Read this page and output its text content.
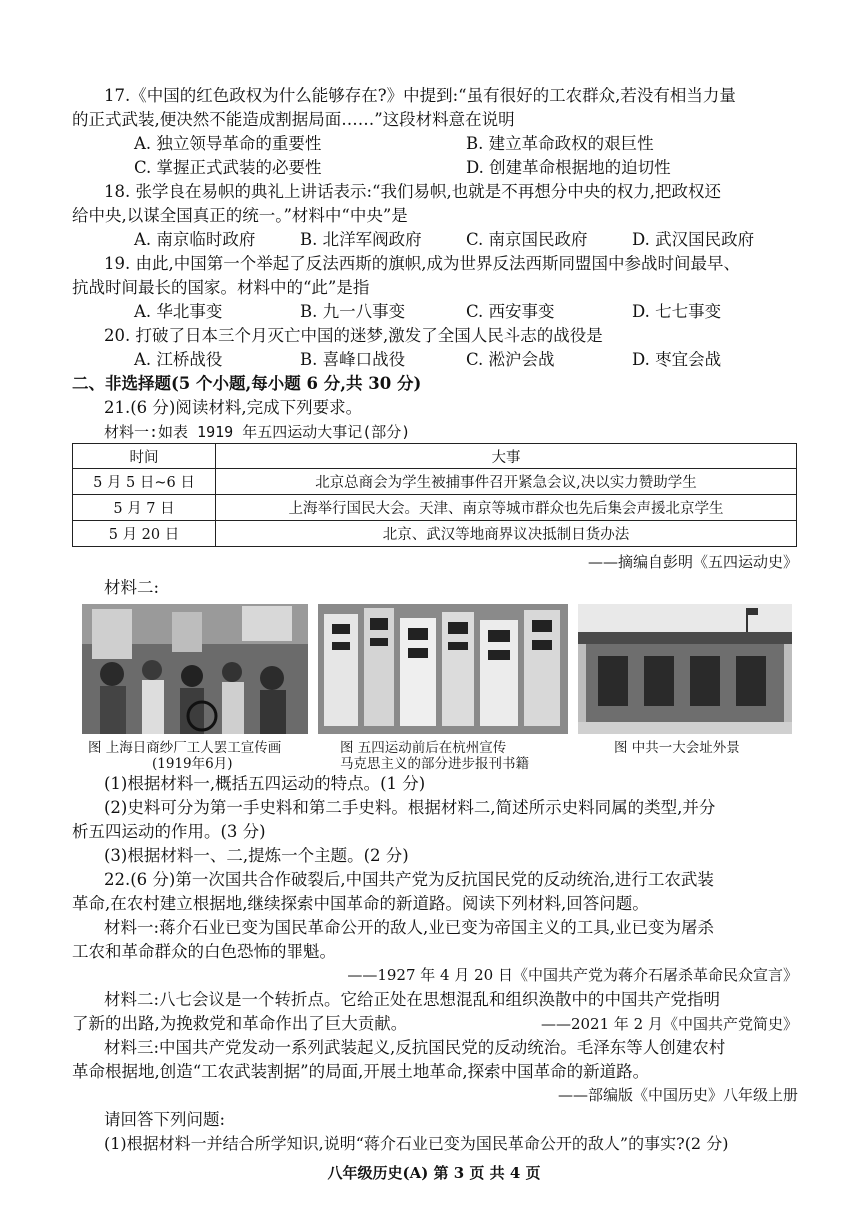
17.《中国的红色政权为什么能够存在?》中提到:“虽有很好的工农群众,若没有相当力量
的正式武装,便决然不能造成割据局面……”这段材料意在说明
A. 独立领导革命的重要性	B. 建立革命政权的艰巨性
C. 掌握正式武装的必要性	D. 创建革命根据地的迫切性
18. 张学良在易帜的典礼上讲话表示:“我们易帜,也就是不再想分中央的权力,把政权还
给中央,以谋全国真正的统一。”材料中“中央”是
A. 南京临时政府	B. 北洋军阀政府	C. 南京国民政府	D. 武汉国民政府
19. 由此,中国第一个举起了反法西斯的旗帜,成为世界反法西斯同盟国中参战时间最早、
抗战时间最长的国家。材料中的“此”是指
A. 华北事变	B. 九一八事变	C. 西安事变	D. 七七事变
20. 打破了日本三个月灭亡中国的迷梦,激发了全国人民斗志的战役是
A. 江桥战役	B. 喜峰口战役	C. 淞沪会战	D. 枣宜会战
二、非选择题(5 个小题,每小题 6 分,共 30 分)
21.(6 分)阅读材料,完成下列要求。
材料一:如表 1919 年五四运动大事记(部分)
时间	大事
5 月 5 日~6 日	北京总商会为学生被捕事件召开紧急会议,决以实力赞助学生
5 月 7 日	上海举行国民大会。天津、南京等城市群众也先后集会声援北京学生
5 月 20 日	北京、武汉等地商界议决抵制日货办法
——摘编自彭明《五四运动史》
材料二:
图 上海日商纱厂工人罢工宣传画
(1919年6月)
图 五四运动前后在杭州宣传
马克思主义的部分进步报刊书籍
图 中共一大会址外景
(1)根据材料一,概括五四运动的特点。(1 分)
(2)史料可分为第一手史料和第二手史料。根据材料二,简述所示史料同属的类型,并分
析五四运动的作用。(3 分)
(3)根据材料一、二,提炼一个主题。(2 分)
22.(6 分)第一次国共合作破裂后,中国共产党为反抗国民党的反动统治,进行工农武装
革命,在农村建立根据地,继续探索中国革命的新道路。阅读下列材料,回答问题。
材料一:蒋介石业已变为国民革命公开的敌人,业已变为帝国主义的工具,业已变为屠杀
工农和革命群众的白色恐怖的罪魁。
——1927 年 4 月 20 日《中国共产党为蒋介石屠杀革命民众宣言》
材料二:八七会议是一个转折点。它给正处在思想混乱和组织涣散中的中国共产党指明
了新的出路,为挽救党和革命作出了巨大贡献。	——2021 年 2 月《中国共产党简史》
材料三:中国共产党发动一系列武装起义,反抗国民党的反动统治。毛泽东等人创建农村
革命根据地,创造“工农武装割据”的局面,开展土地革命,探索中国革命的新道路。
——部编版《中国历史》八年级上册
请回答下列问题:
(1)根据材料一并结合所学知识,说明“蒋介石业已变为国民革命公开的敌人”的事实?(2 分)
八年级历史(A) 第 3 页 共 4 页
